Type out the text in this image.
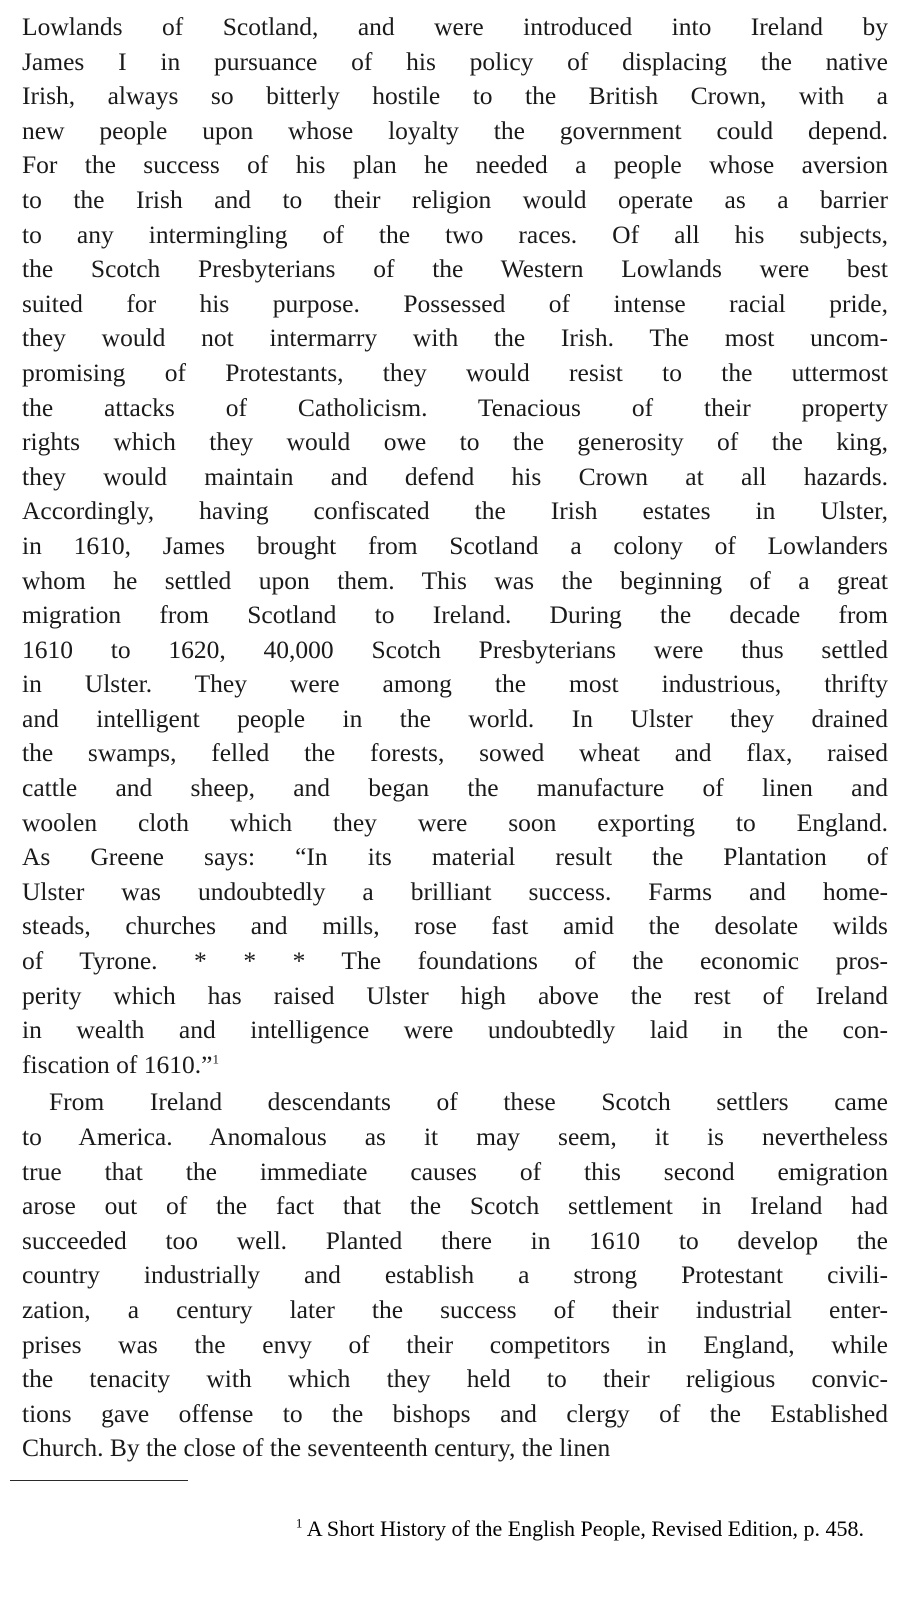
Lowlands of Scotland, and were introduced into Ireland by
James I in pursuance of his policy of displacing the native
Irish, always so bitterly hostile to the British Crown, with a
new people upon whose loyalty the government could depend.
For the success of his plan he needed a people whose aversion
to the Irish and to their religion would operate as a barrier
to any intermingling of the two races. Of all his subjects,
the Scotch Presbyterians of the Western Lowlands were best
suited for his purpose. Possessed of intense racial pride,
they would not intermarry with the Irish. The most uncom-
promising of Protestants, they would resist to the uttermost
the attacks of Catholicism. Tenacious of their property
rights which they would owe to the generosity of the king,
they would maintain and defend his Crown at all hazards.
Accordingly, having confiscated the Irish estates in Ulster,
in 1610, James brought from Scotland a colony of Lowlanders
whom he settled upon them. This was the beginning of a great
migration from Scotland to Ireland. During the decade from
1610 to 1620, 40,000 Scotch Presbyterians were thus settled
in Ulster. They were among the most industrious, thrifty
and intelligent people in the world. In Ulster they drained
the swamps, felled the forests, sowed wheat and flax, raised
cattle and sheep, and began the manufacture of linen and
woolen cloth which they were soon exporting to England.
As Greene says: “In its material result the Plantation of
Ulster was undoubtedly a brilliant success. Farms and home-
steads, churches and mills, rose fast amid the desolate wilds
of Tyrone. * * * The foundations of the economic pros-
perity which has raised Ulster high above the rest of Ireland
in wealth and intelligence were undoubtedly laid in the con-
fiscation of 1610.”$^1$
From Ireland descendants of these Scotch settlers came
to America. Anomalous as it may seem, it is nevertheless
true that the immediate causes of this second emigration
arose out of the fact that the Scotch settlement in Ireland had
succeeded too well. Planted there in 1610 to develop the
country industrially and establish a strong Protestant civili-
zation, a century later the success of their industrial enter-
prises was the envy of their competitors in England, while
the tenacity with which they held to their religious convic-
tions gave offense to the bishops and clergy of the Established
Church. By the close of the seventeenth century, the linen
$^1$ A Short History of the English People, Revised Edition, p. 458.
